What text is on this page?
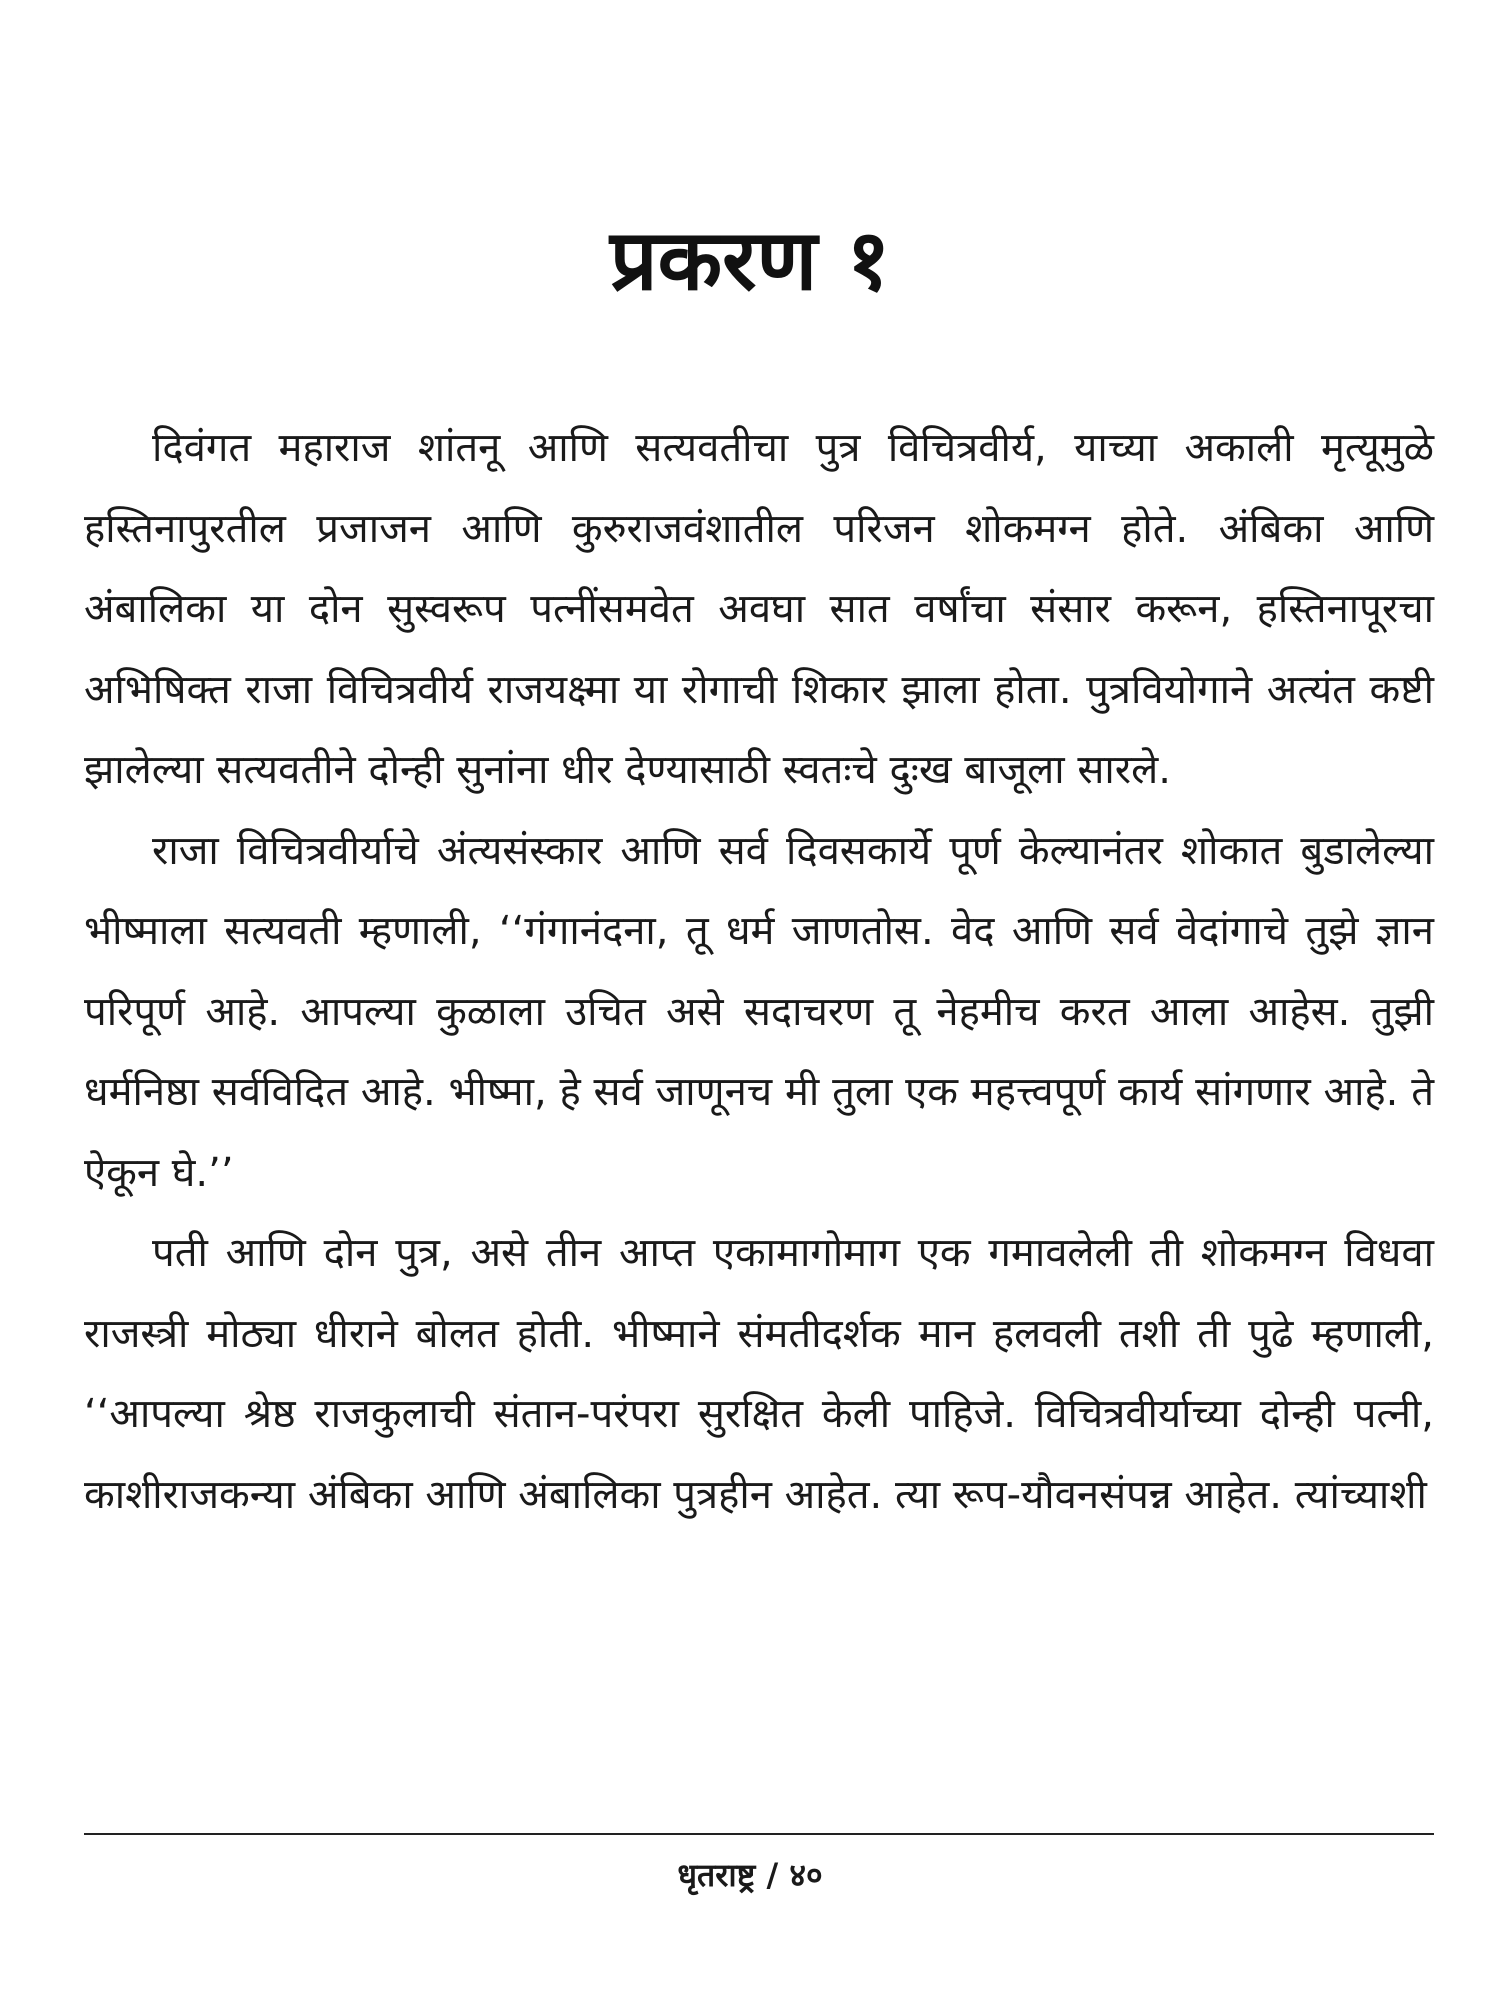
प्रकरण १

दिवंगत महाराज शांतनू आणि सत्यवतीचा पुत्र विचित्रवीर्य, याच्या अकाली मृत्यूमुळे हस्तिनापुरतील प्रजाजन आणि कुरुराजवंशातील परिजन शोकमग्न होते. अंबिका आणि अंबालिका या दोन सुस्वरूप पत्नींसमवेत अवघा सात वर्षांचा संसार करून, हस्तिनापूरचा अभिषिक्त राजा विचित्रवीर्य राजयक्ष्मा या रोगाची शिकार झाला होता. पुत्रवियोगाने अत्यंत कष्टी झालेल्या सत्यवतीने दोन्ही सुनांना धीर देण्यासाठी स्वतःचे दुःख बाजूला सारले.

राजा विचित्रवीर्याचे अंत्यसंस्कार आणि सर्व दिवसकार्ये पूर्ण केल्यानंतर शोकात बुडालेल्या भीष्माला सत्यवती म्हणाली, ‘‘गंगानंदना, तू धर्म जाणतोस. वेद आणि सर्व वेदांगाचे तुझे ज्ञान परिपूर्ण आहे. आपल्या कुळाला उचित असे सदाचरण तू नेहमीच करत आला आहेस. तुझी धर्मनिष्ठा सर्वविदित आहे. भीष्मा, हे सर्व जाणूनच मी तुला एक महत्त्वपूर्ण कार्य सांगणार आहे. ते ऐकून घे.’’

पती आणि दोन पुत्र, असे तीन आप्त एकामागोमाग एक गमावलेली ती शोकमग्न विधवा राजस्त्री मोठ्या धीराने बोलत होती. भीष्माने संमतीदर्शक मान हलवली तशी ती पुढे म्हणाली, ‘‘आपल्या श्रेष्ठ राजकुलाची संतान-परंपरा सुरक्षित केली पाहिजे. विचित्रवीर्याच्या दोन्ही पत्नी, काशीराजकन्या अंबिका आणि अंबालिका पुत्रहीन आहेत. त्या रूप-यौवनसंपन्न आहेत. त्यांच्याशी

धृतराष्ट्र / ४०
